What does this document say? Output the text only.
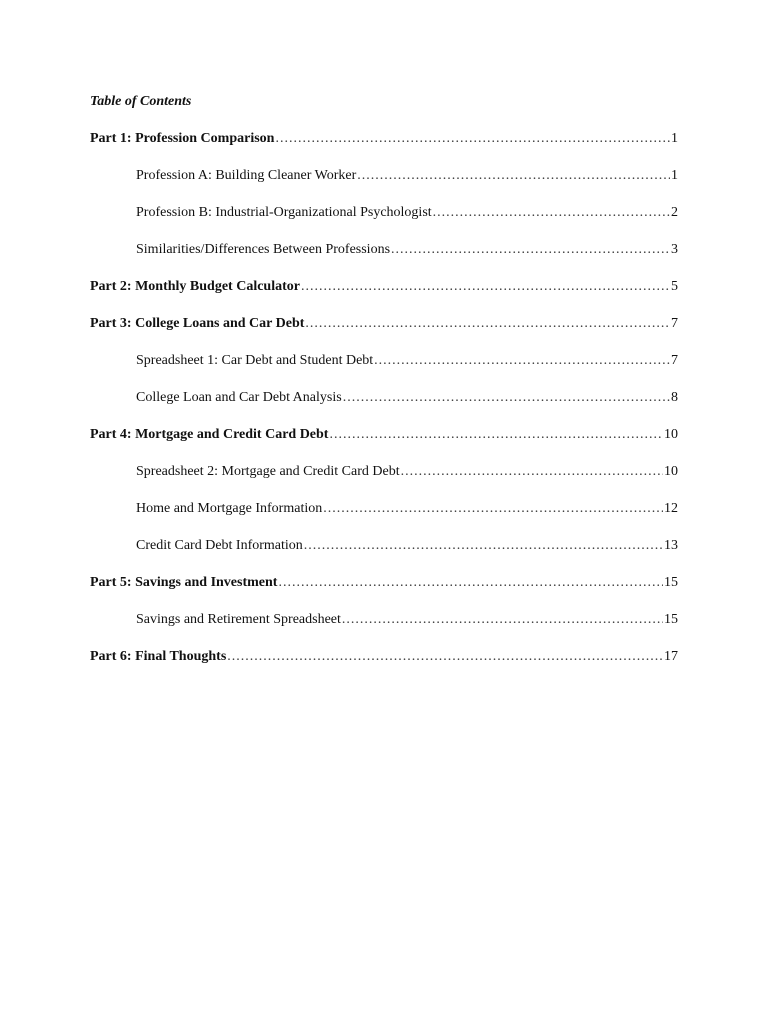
Table of Contents
Part 1: Profession Comparison .....	1
Profession A: Building Cleaner Worker .....	1
Profession B: Industrial-Organizational Psychologist .....	2
Similarities/Differences Between Professions .....	3
Part 2: Monthly Budget Calculator .....	5
Part 3: College Loans and Car Debt .....	7
Spreadsheet 1: Car Debt and Student Debt .....	7
College Loan and Car Debt Analysis .....	8
Part 4: Mortgage and Credit Card Debt .....	10
Spreadsheet 2: Mortgage and Credit Card Debt .....	10
Home and Mortgage Information .....	12
Credit Card Debt Information .....	13
Part 5: Savings and Investment .....	15
Savings and Retirement Spreadsheet .....	15
Part 6: Final Thoughts .....	17
